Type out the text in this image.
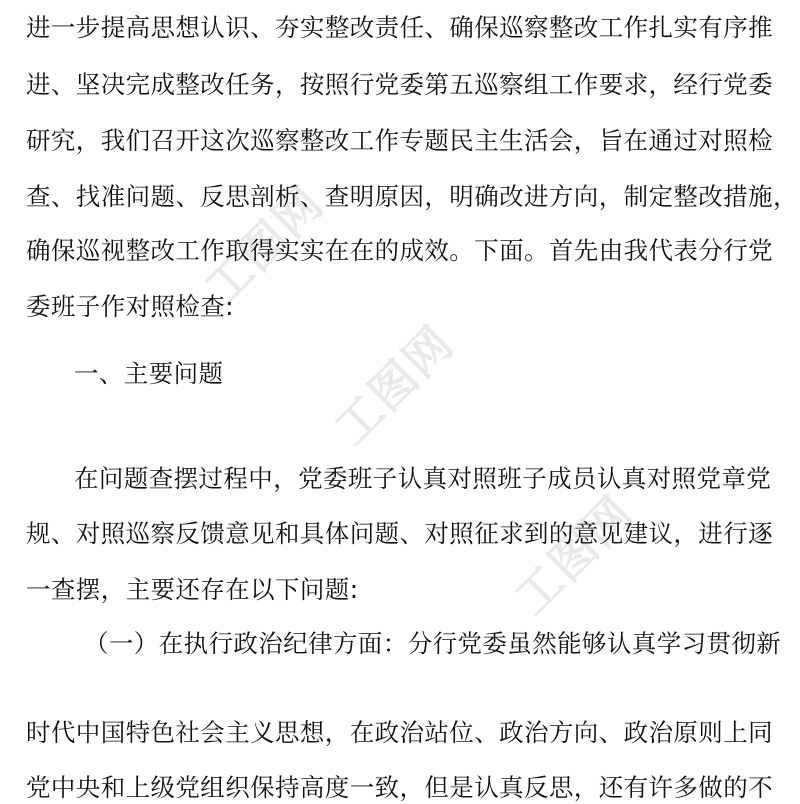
工图网
工图网
工图网
进一步提高思想认识、夯实整改责任、确保巡察整改工作扎实有序推
进、坚决完成整改任务，按照行党委第五巡察组工作要求，经行党委
研究，我们召开这次巡察整改工作专题民主生活会，旨在通过对照检
查、找准问题、反思剖析、查明原因，明确改进方向，制定整改措施，
确保巡视整改工作取得实实在在的成效。下面。首先由我代表分行党
委班子作对照检查:
一、主要问题
在问题查摆过程中，党委班子认真对照班子成员认真对照党章党
规、对照巡察反馈意见和具体问题、对照征求到的意见建议，进行逐
一查摆，主要还存在以下问题:
（一）在执行政治纪律方面：分行党委虽然能够认真学习贯彻新
时代中国特色社会主义思想，在政治站位、政治方向、政治原则上同
党中央和上级党组织保持高度一致，但是认真反思，还有许多做的不
